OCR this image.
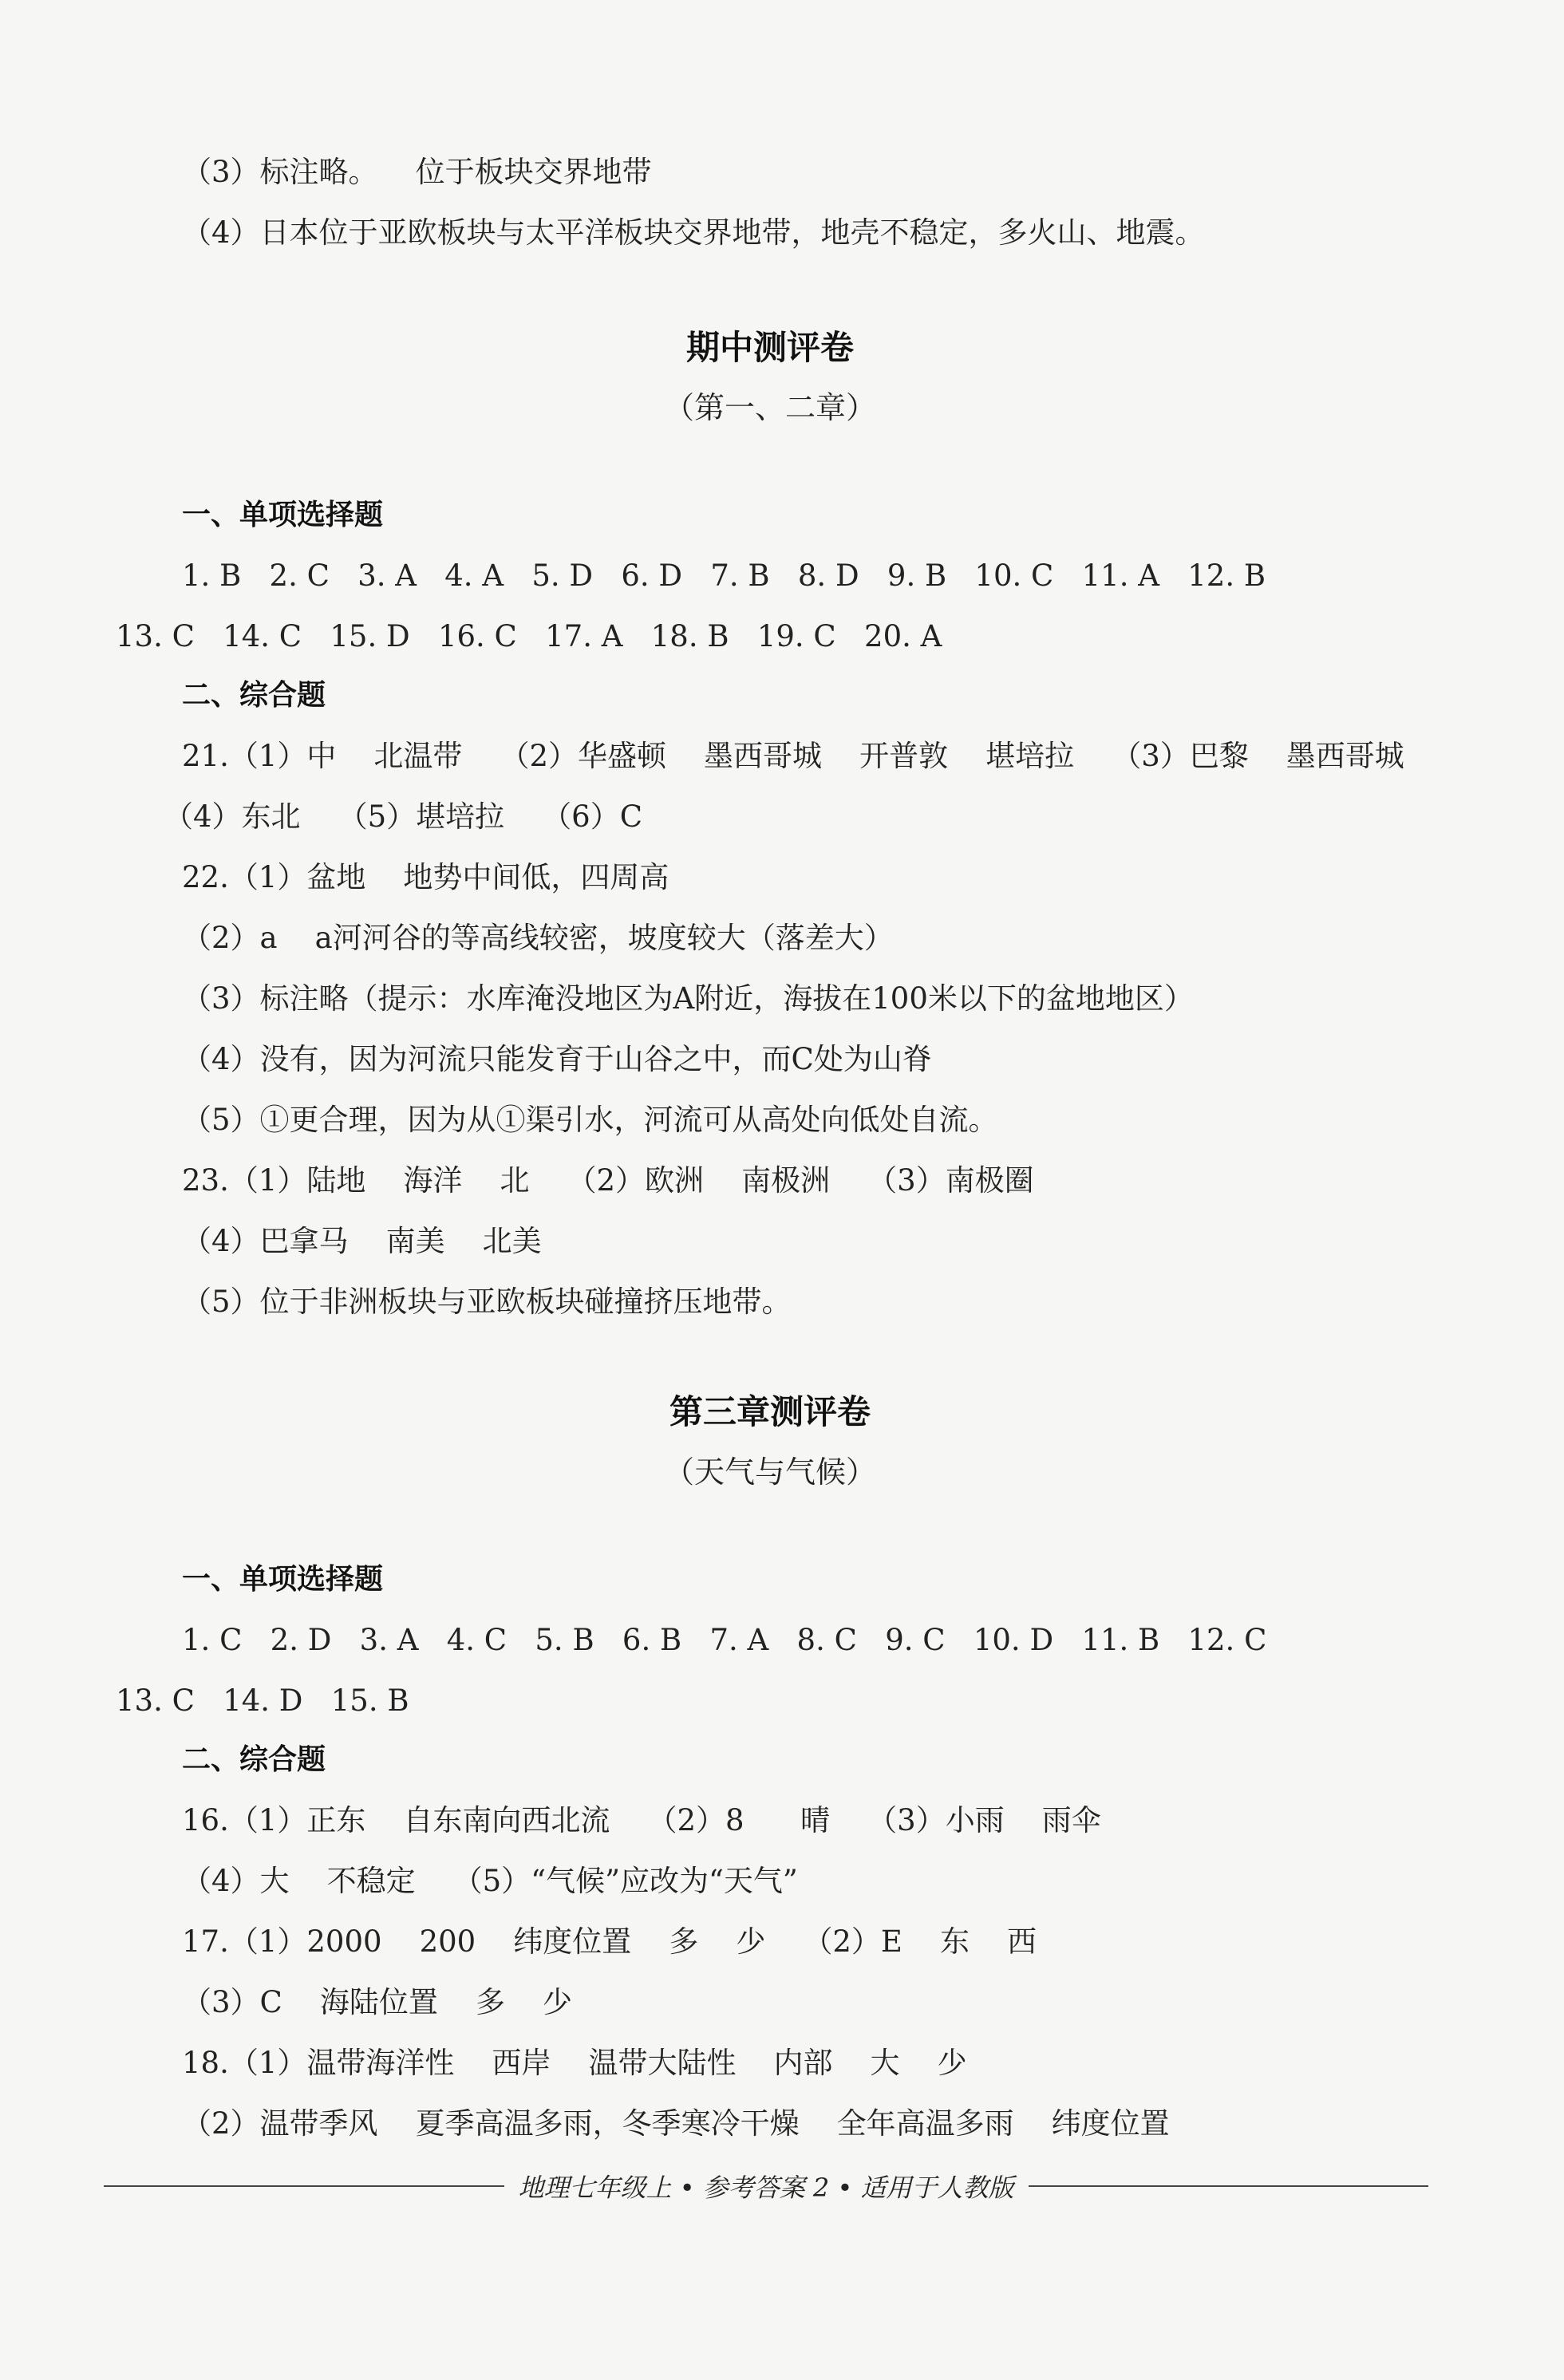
（3）标注略。    位于板块交界地带
（4）日本位于亚欧板块与太平洋板块交界地带，地壳不稳定，多火山、地震。
期中测评卷
（第一、二章）
一、单项选择题
1. B   2. C   3. A   4. A   5. D   6. D   7. B   8. D   9. B   10. C   11. A   12. B
13. C   14. C   15. D   16. C   17. A   18. B   19. C   20. A
二、综合题
21.（1）中    北温带    （2）华盛顿    墨西哥城    开普敦    堪培拉    （3）巴黎    墨西哥城
（4）东北    （5）堪培拉    （6）C
22.（1）盆地    地势中间低，四周高
（2）a    a河河谷的等高线较密，坡度较大（落差大）
（3）标注略（提示：水库淹没地区为A附近，海拔在100米以下的盆地地区）
（4）没有，因为河流只能发育于山谷之中，而C处为山脊
（5）①更合理，因为从①渠引水，河流可从高处向低处自流。
23.（1）陆地    海洋    北    （2）欧洲    南极洲    （3）南极圈
（4）巴拿马    南美    北美
（5）位于非洲板块与亚欧板块碰撞挤压地带。
第三章测评卷
（天气与气候）
一、单项选择题
1. C   2. D   3. A   4. C   5. B   6. B   7. A   8. C   9. C   10. D   11. B   12. C
13. C   14. D   15. B
二、综合题
16.（1）正东    自东南向西北流    （2）8      晴    （3）小雨    雨伞
（4）大    不稳定    （5）“气候”应改为“天气”
17.（1）2000    200    纬度位置    多    少    （2）E    东    西
（3）C    海陆位置    多    少
18.（1）温带海洋性    西岸    温带大陆性    内部    大    少
（2）温带季风    夏季高温多雨，冬季寒冷干燥    全年高温多雨    纬度位置
地理七年级上 • 参考答案 2 • 适用于人教版
